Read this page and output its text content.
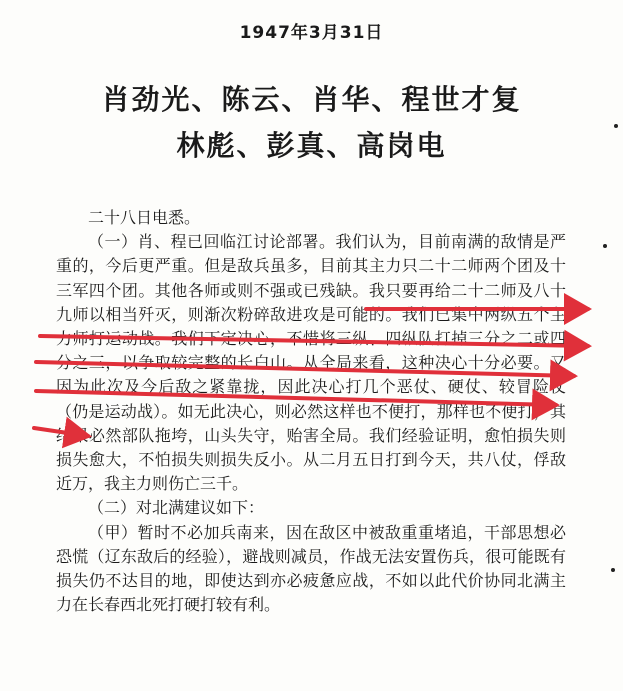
1947年3月31日
肖劲光、陈云、肖华、程世才复
林彪、彭真、高岗电

二十八日电悉。

（一）肖、程已回临江讨论部署。我们认为，目前南满的敌情是严重的，今后更严重。但是敌兵虽多，目前其主力只二十二师两个团及十三军四个团。其他各师或则不强或已残缺。我只要再给二十二师及八十九师以相当歼灭，则渐次粉碎敌进攻是可能的。我们已集中两纵五个主力师打运动战。我们下定决心，不惜将三纵、四纵队打掉三分之二或四分之三，以争取较完整的长白山。从全局来看，这种决心十分必要。又因为此次及今后敌之紧靠拢，因此决心打几个恶仗、硬仗、较冒险仗（仍是运动战）。如无此决心，则必然这样也不便打，那样也不便打，其结果必然部队拖垮，山头失守，贻害全局。我们经验证明，愈怕损失则损失愈大，不怕损失则损失反小。从二月五日打到今天，共八仗，俘敌近万，我主力则伤亡三千。

（二）对北满建议如下：

（甲）暂时不必加兵南来，因在敌区中被敌重重堵追，干部思想必恐慌（辽东敌后的经验），避战则减员，作战无法安置伤兵，很可能既有损失仍不达目的地，即使达到亦必疲惫应战，不如以此代价协同北满主力在长春西北死打硬打较有利。
